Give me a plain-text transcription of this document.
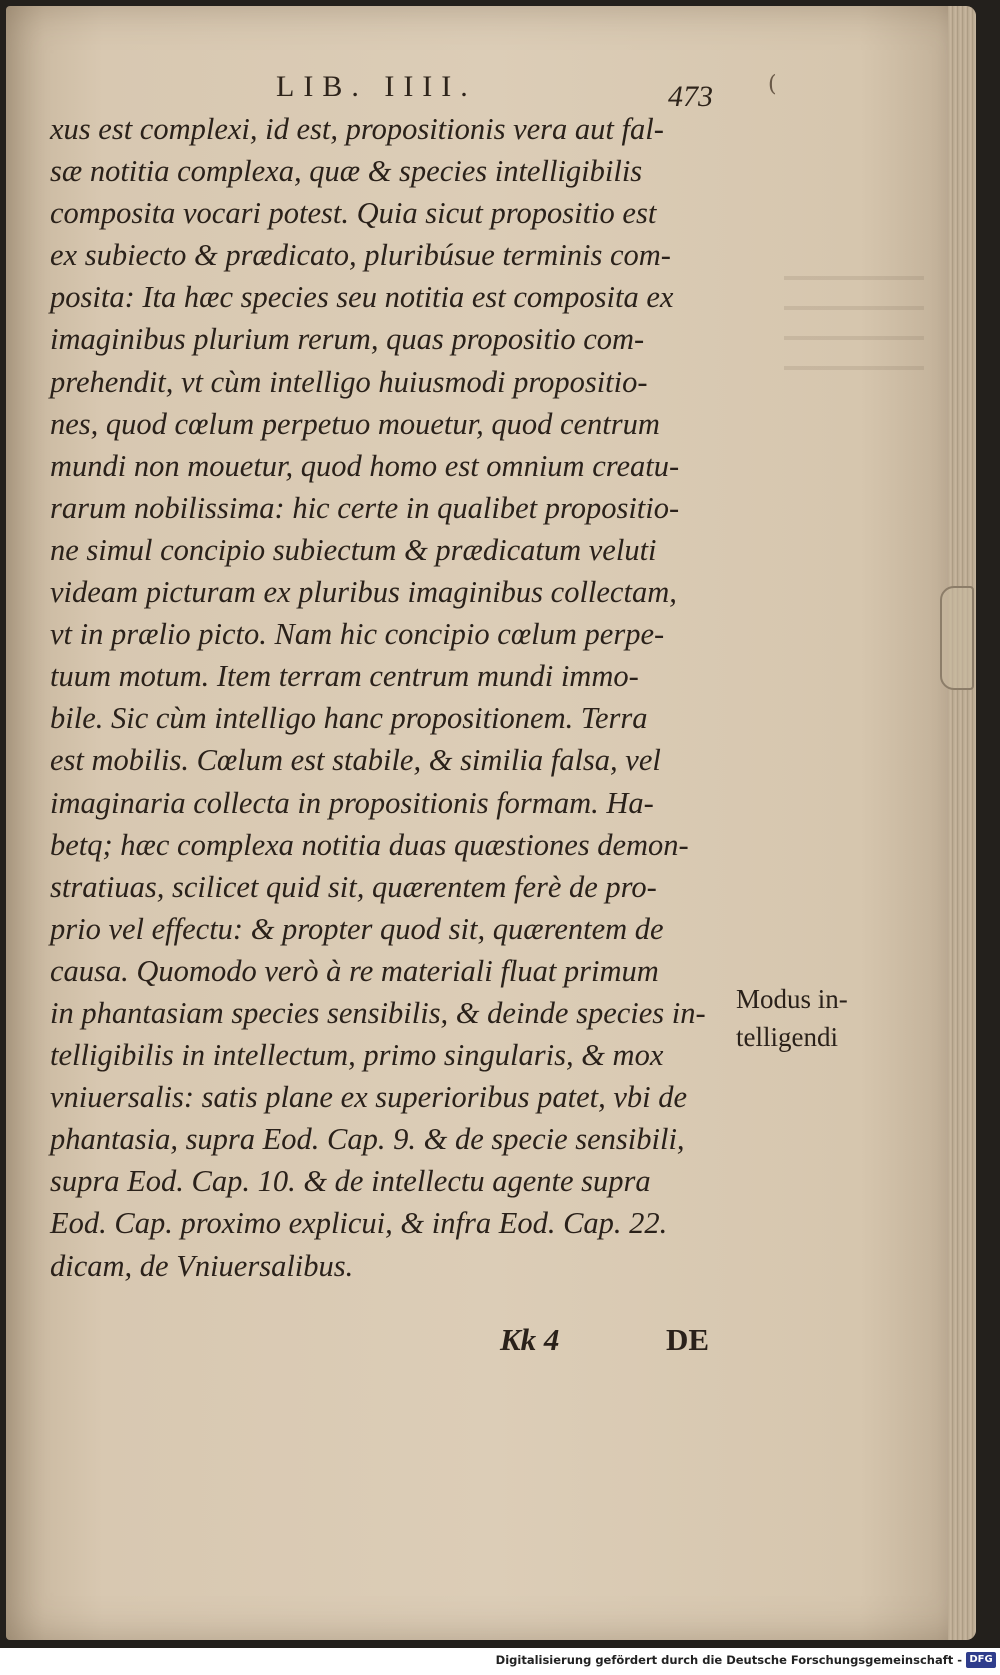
LIB. IIII.	473	(
xus est complexi, id est, propositionis vera aut fal-
sæ notitia complexa, quæ & species intelligibilis
composita vocari potest. Quia sicut propositio est
ex subiecto & prædicato, pluribúsue terminis com-
posita: Ita hæc species seu notitia est composita ex
imaginibus plurium rerum, quas propositio com-
prehendit, vt cùm intelligo huiusmodi propositio-
nes, quod cœlum perpetuo mouetur, quod centrum
mundi non mouetur, quod homo est omnium creatu-
rarum nobilissima: hic certe in qualibet propositio-
ne simul concipio subiectum & prædicatum veluti
videam picturam ex pluribus imaginibus collectam,
vt in prælio picto. Nam hic concipio cœlum perpe-
tuum motum. Item terram centrum mundi immo-
bile. Sic cùm intelligo hanc propositionem. Terra
est mobilis. Cœlum est stabile, & similia falsa, vel
imaginaria collecta in propositionis formam. Ha-
betq; hæc complexa notitia duas quæstiones demon-
stratiuas, scilicet quid sit, quærentem ferè de pro-
prio vel effectu: & propter quod sit, quærentem de
causa. Quomodo verò à re materiali fluat primum
in phantasiam species sensibilis, & deinde species in-
telligibilis in intellectum, primo singularis, & mox
vniuersalis: satis plane ex superioribus patet, vbi de
phantasia, supra Eod. Cap. 9. & de specie sensibili,
supra Eod. Cap. 10. & de intellectu agente supra
Eod. Cap. proximo explicui, & infra Eod. Cap. 22.
dicam, de Vniuersalibus.
Modus in-
telligendi
Kk 4	DE
Digitalisierung gefördert durch die Deutsche Forschungsgemeinschaft - DFG
